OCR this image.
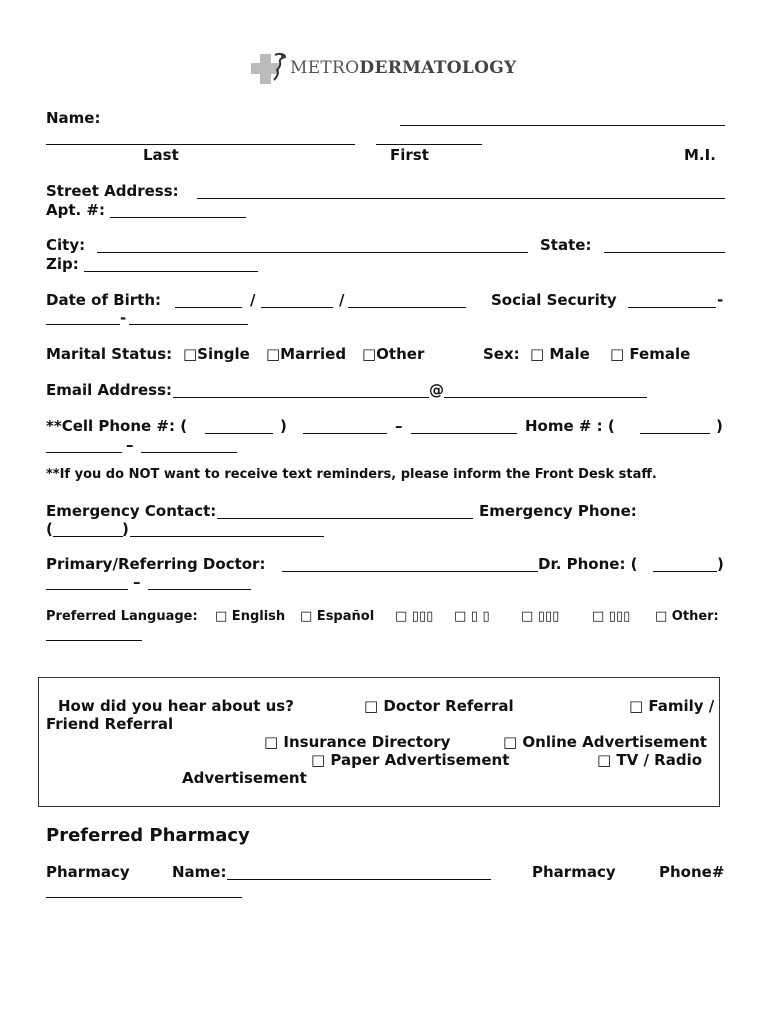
METRODERMATOLOGY
Name:
Last	First	M.I.
Street Address:
Apt. #:
City:	State:
Zip:
Date of Birth:	/	/	Social Security	-
-
Marital Status: □Single □Married □Other	Sex: □ Male □ Female
Email Address:	@
**Cell Phone #: (	)	–	Home # : (	)
–
**If you do NOT want to receive text reminders, please inform the Front Desk staff.
Emergency Contact:	Emergency Phone:
(	)
Primary/Referring Doctor:	Dr. Phone: (	)
–
Preferred Language: □ English □ Español □ ▯▯▯ □ ▯ ▯ □ ▯▯▯	□ ▯▯▯ □ Other:
How did you hear about us?	□ Doctor Referral	□ Family /
Friend Referral
□ Insurance Directory	□ Online Advertisement
□ Paper Advertisement	□ TV / Radio
Advertisement
Preferred Pharmacy
Pharmacy	Name:	Pharmacy	Phone#
